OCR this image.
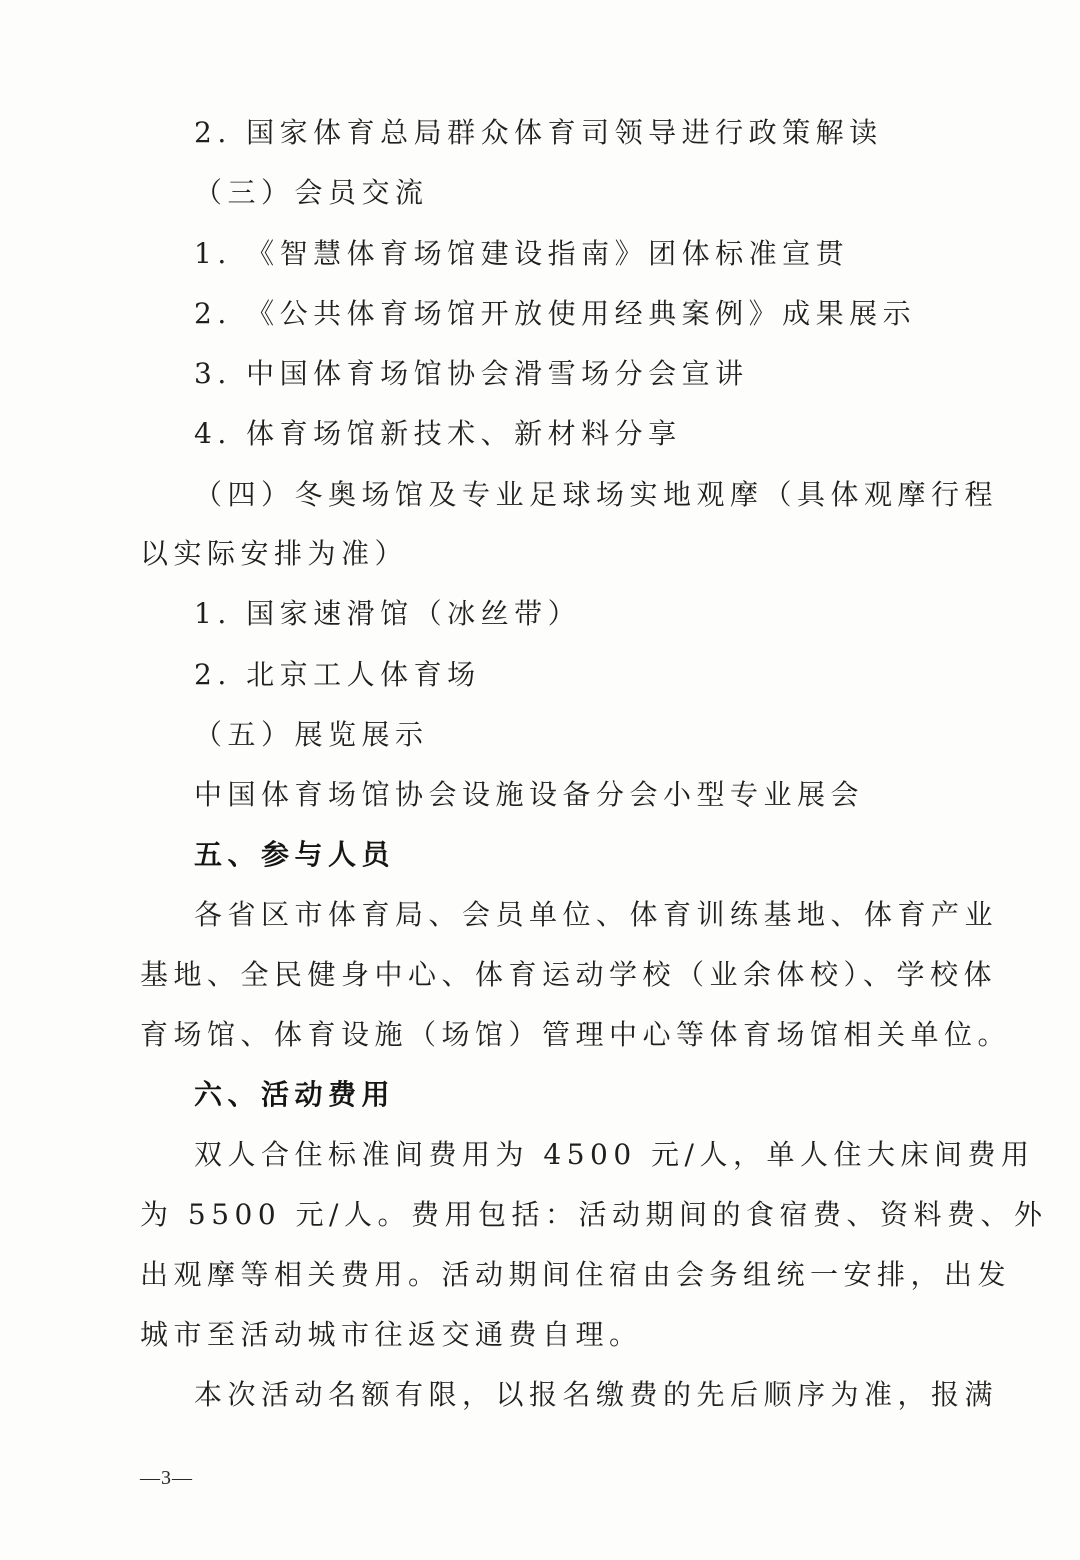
2. 国家体育总局群众体育司领导进行政策解读
（三）会员交流
1. 《智慧体育场馆建设指南》团体标准宣贯
2. 《公共体育场馆开放使用经典案例》成果展示
3. 中国体育场馆协会滑雪场分会宣讲
4. 体育场馆新技术、新材料分享
（四）冬奥场馆及专业足球场实地观摩（具体观摩行程
以实际安排为准）
1. 国家速滑馆（冰丝带）
2. 北京工人体育场
（五）展览展示
中国体育场馆协会设施设备分会小型专业展会
五、参与人员
各省区市体育局、会员单位、体育训练基地、体育产业
基地、全民健身中心、体育运动学校（业余体校）、学校体
育场馆、体育设施（场馆）管理中心等体育场馆相关单位。
六、活动费用
双人合住标准间费用为 4500 元/人，单人住大床间费用
为 5500 元/人。费用包括：活动期间的食宿费、资料费、外
出观摩等相关费用。活动期间住宿由会务组统一安排，出发
城市至活动城市往返交通费自理。
本次活动名额有限，以报名缴费的先后顺序为准，报满
—3—
